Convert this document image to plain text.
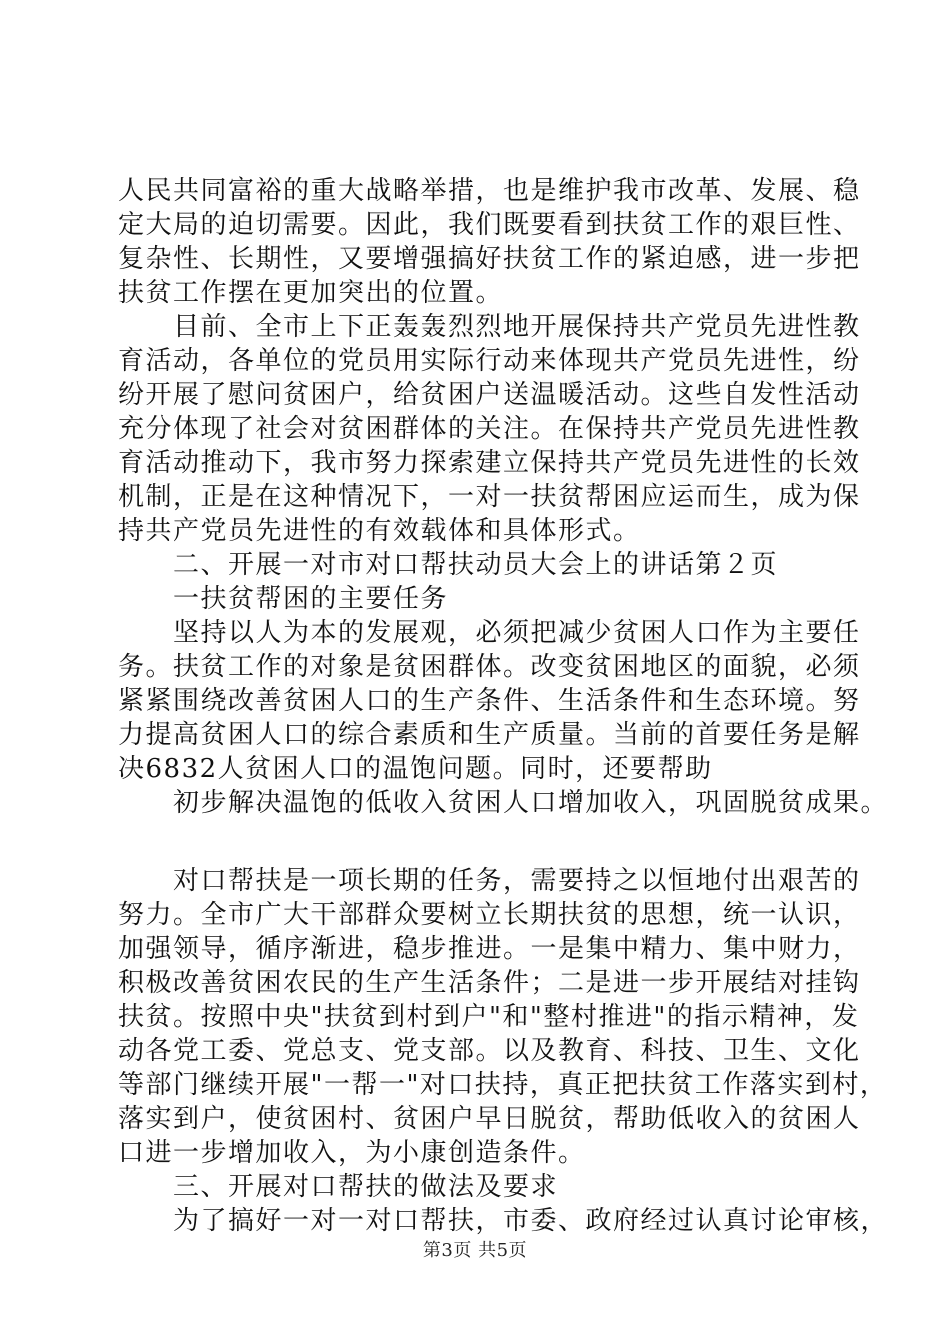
人民共同富裕的重大战略举措，也是维护我市改革、发展、稳
定大局的迫切需要。因此，我们既要看到扶贫工作的艰巨性、
复杂性、长期性，又要增强搞好扶贫工作的紧迫感，进一步把
扶贫工作摆在更加突出的位置。
　　目前、全市上下正轰轰烈烈地开展保持共产党员先进性教
育活动，各单位的党员用实际行动来体现共产党员先进性，纷
纷开展了慰问贫困户，给贫困户送温暖活动。这些自发性活动
充分体现了社会对贫困群体的关注。在保持共产党员先进性教
育活动推动下，我市努力探索建立保持共产党员先进性的长效
机制，正是在这种情况下，一对一扶贫帮困应运而生，成为保
持共产党员先进性的有效载体和具体形式。
　　二、开展一对市对口帮扶动员大会上的讲话第２页
　　一扶贫帮困的主要任务
　　坚持以人为本的发展观，必须把减少贫困人口作为主要任
务。扶贫工作的对象是贫困群体。改变贫困地区的面貌，必须
紧紧围绕改善贫困人口的生产条件、生活条件和生态环境。努
力提高贫困人口的综合素质和生产质量。当前的首要任务是解
决6832人贫困人口的温饱问题。同时，还要帮助
　　初步解决温饱的低收入贫困人口增加收入，巩固脱贫成果。
　　对口帮扶是一项长期的任务，需要持之以恒地付出艰苦的
努力。全市广大干部群众要树立长期扶贫的思想，统一认识，
加强领导，循序渐进，稳步推进。一是集中精力、集中财力，
积极改善贫困农民的生产生活条件；二是进一步开展结对挂钩
扶贫。按照中央"扶贫到村到户"和"整村推进"的指示精神，发
动各党工委、党总支、党支部。以及教育、科技、卫生、文化
等部门继续开展"一帮一"对口扶持，真正把扶贫工作落实到村，
落实到户，使贫困村、贫困户早日脱贫，帮助低收入的贫困人
口进一步增加收入，为小康创造条件。
　　三、开展对口帮扶的做法及要求
　　为了搞好一对一对口帮扶，市委、政府经过认真讨论审核，
第3页 共5页
